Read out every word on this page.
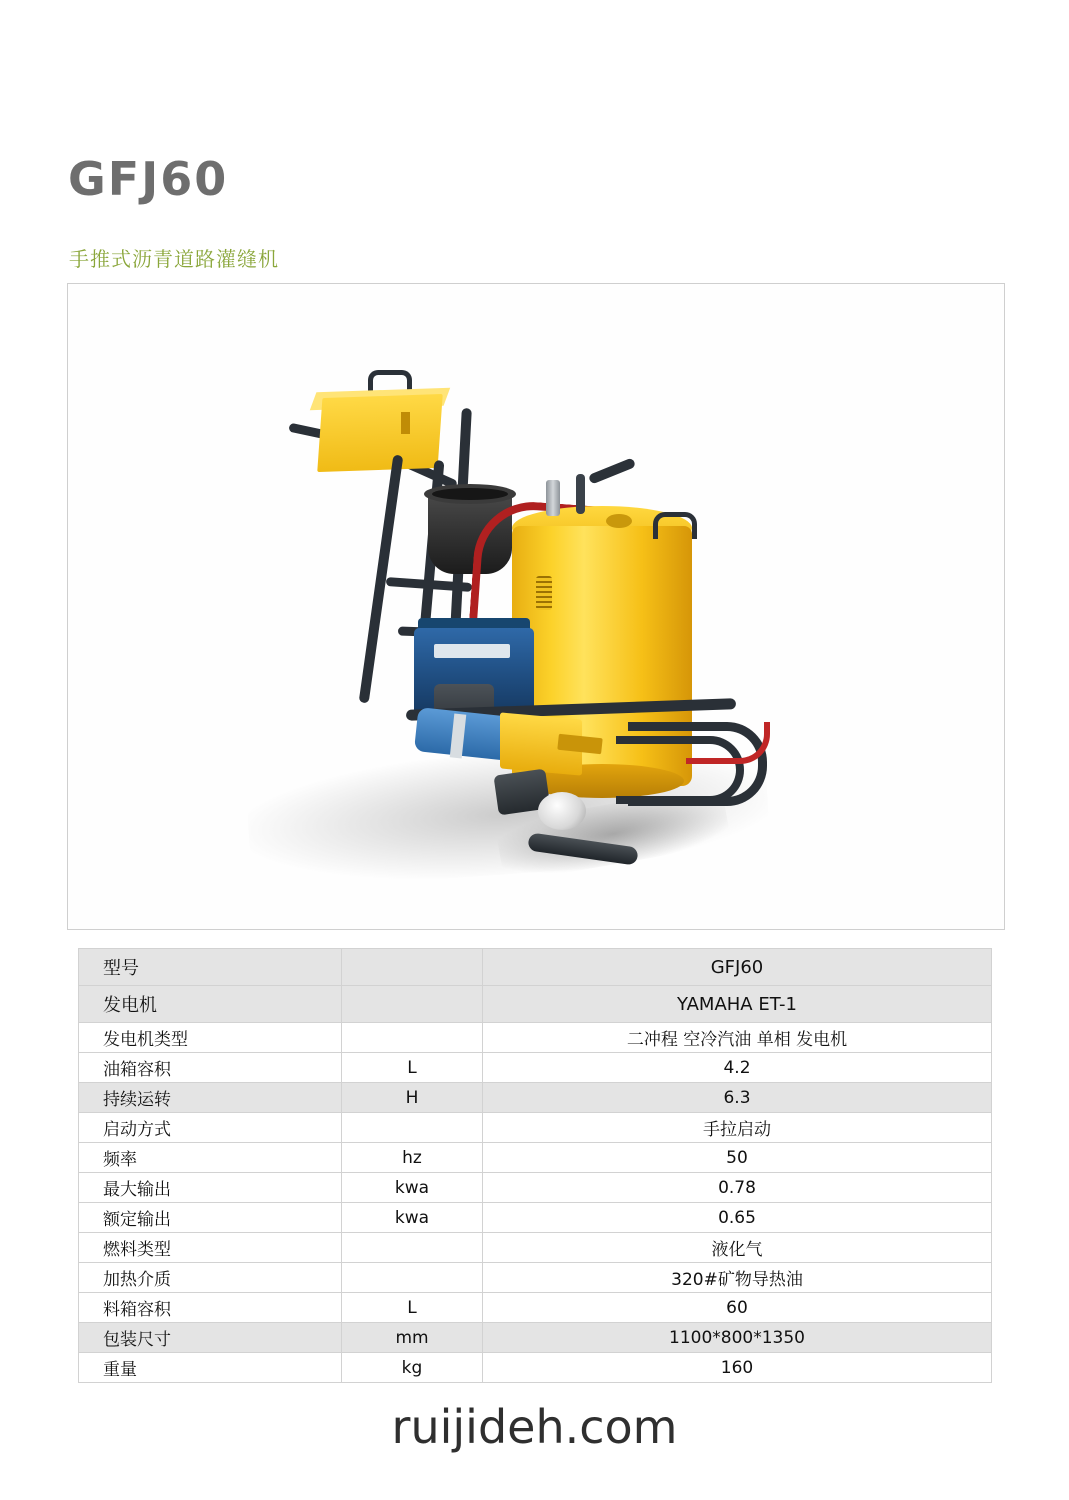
GFJ60
手推式沥青道路灌缝机
型号		GFJ60
发电机		YAMAHA ET-1
发电机类型		二冲程 空冷汽油 单相 发电机
油箱容积	L	4.2
持续运转	H	6.3
启动方式		手拉启动
频率	hz	50
最大输出	kwa	0.78
额定输出	kwa	0.65
燃料类型		液化气
加热介质		320#矿物导热油
料箱容积	L	60
包装尺寸	mm	1100*800*1350
重量	kg	160
ruijideh.com
